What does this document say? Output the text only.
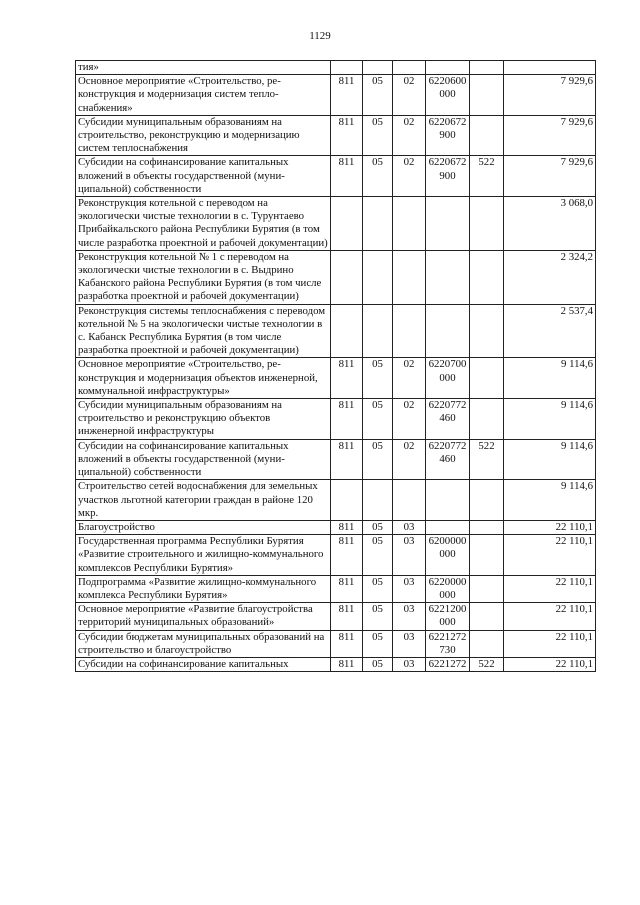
1129
тия»						
Основное мероприятие «Строительство, реконструкция и модернизация систем теплоснабжения»	811	05	02	6220600 000		7 929,6
Субсидии муниципальным образованиям на строительство, реконструкцию и модернизацию систем теплоснабжения	811	05	02	6220672 900		7 929,6
Субсидии на софинансирование капитальных вложений в объекты государственной (муниципальной) собственности	811	05	02	6220672 900	522	7 929,6
Реконструкция котельной с переводом на экологически чистые технологии в с. Турунтаево Прибайкальского района Республики Бурятия (в том числе разработка проектной и рабочей документации)						3 068,0
Реконструкция котельной № 1 с переводом на экологически чистые технологии в с. Выдрино Кабанского района Республики Бурятия (в том числе разработка проектной и рабочей документации)						2 324,2
Реконструкция системы теплоснабжения с переводом котельной № 5 на экологически чистые технологии в с. Кабанск Республика Бурятия (в том числе разработка проектной и рабочей документации)						2 537,4
Основное мероприятие «Строительство, реконструкция и модернизация объектов инженерной, коммунальной инфраструктуры»	811	05	02	6220700 000		9 114,6
Субсидии муниципальным образованиям на строительство и реконструкцию объектов инженерной инфраструктуры	811	05	02	6220772 460		9 114,6
Субсидии на софинансирование капитальных вложений в объекты государственной (муниципальной) собственности	811	05	02	6220772 460	522	9 114,6
Строительство сетей водоснабжения для земельных участков льготной категории граждан в районе 120 мкр.						9 114,6
Благоустройство	811	05	03			22 110,1
Государственная программа Республики Бурятия «Развитие строительного и жилищно-коммунального комплексов Республики Бурятия»	811	05	03	6200000 000		22 110,1
Подпрограмма «Развитие жилищно-коммунального комплекса Республики Бурятия»	811	05	03	6220000 000		22 110,1
Основное мероприятие «Развитие благоустройства территорий муниципальных образований»	811	05	03	6221200 000		22 110,1
Субсидии бюджетам муниципальных образований на строительство и благоустройство	811	05	03	6221272 730		22 110,1
Субсидии на софинансирование капитальных	811	05	03	6221272	522	22 110,1
